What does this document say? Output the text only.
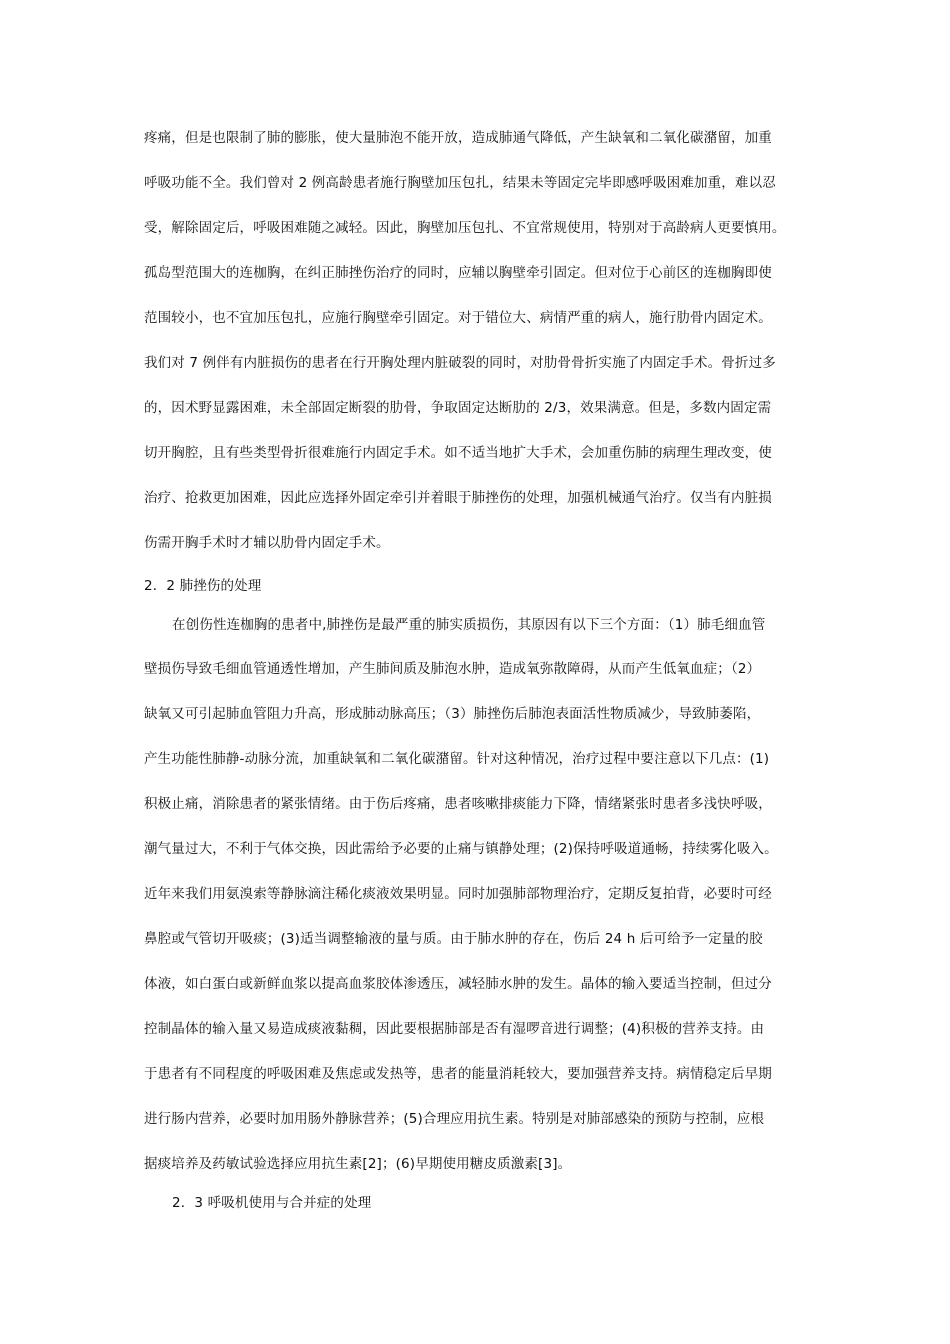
疼痛，但是也限制了肺的膨胀，使大量肺泡不能开放，造成肺通气降低，产生缺氧和二氧化碳潴留，加重
呼吸功能不全。我们曾对 2 例高龄患者施行胸壁加压包扎，结果未等固定完毕即感呼吸困难加重，难以忍
受，解除固定后，呼吸困难随之减轻。因此，胸壁加压包扎、不宜常规使用，特别对于高龄病人更要慎用。
孤岛型范围大的连枷胸，在纠正肺挫伤治疗的同时，应辅以胸壁牵引固定。但对位于心前区的连枷胸即使
范围较小，也不宜加压包扎，应施行胸壁牵引固定。对于错位大、病情严重的病人，施行肋骨内固定术。
我们对 7 例伴有内脏损伤的患者在行开胸处理内脏破裂的同时，对肋骨骨折实施了内固定手术。骨折过多
的，因术野显露困难，未全部固定断裂的肋骨，争取固定达断肋的 2/3，效果满意。但是，多数内固定需
切开胸腔，且有些类型骨折很难施行内固定手术。如不适当地扩大手术，会加重伤肺的病理生理改变，使
治疗、抢救更加困难，因此应选择外固定牵引并着眼于肺挫伤的处理，加强机械通气治疗。仅当有内脏损
伤需开胸手术时才辅以肋骨内固定手术。
2．2 肺挫伤的处理
在创伤性连枷胸的患者中,肺挫伤是最严重的肺实质损伤，其原因有以下三个方面：（1）肺毛细血管
壁损伤导致毛细血管通透性增加，产生肺间质及肺泡水肿，造成氧弥散障碍，从而产生低氧血症；（2）
缺氧又可引起肺血管阻力升高，形成肺动脉高压；（3）肺挫伤后肺泡表面活性物质减少，导致肺萎陷，
产生功能性肺静-动脉分流，加重缺氧和二氧化碳潴留。针对这种情况，治疗过程中要注意以下几点：(1)
积极止痛，消除患者的紧张情绪。由于伤后疼痛，患者咳嗽排痰能力下降，情绪紧张时患者多浅快呼吸，
潮气量过大，不利于气体交换，因此需给予必要的止痛与镇静处理；(2)保持呼吸道通畅，持续雾化吸入。
近年来我们用氨溴索等静脉滴注稀化痰液效果明显。同时加强肺部物理治疗，定期反复拍背，必要时可经
鼻腔或气管切开吸痰；(3)适当调整输液的量与质。由于肺水肿的存在，伤后 24 h 后可给予一定量的胶
体液，如白蛋白或新鲜血浆以提高血浆胶体渗透压，减轻肺水肿的发生。晶体的输入要适当控制，但过分
控制晶体的输入量又易造成痰液黏稠，因此要根据肺部是否有湿啰音进行调整；(4)积极的营养支持。由
于患者有不同程度的呼吸困难及焦虑或发热等，患者的能量消耗较大，要加强营养支持。病情稳定后早期
进行肠内营养，必要时加用肠外静脉营养；(5)合理应用抗生素。特别是对肺部感染的预防与控制，应根
据痰培养及药敏试验选择应用抗生素[2]；(6)早期使用糖皮质激素[3]。
2．3 呼吸机使用与合并症的处理
